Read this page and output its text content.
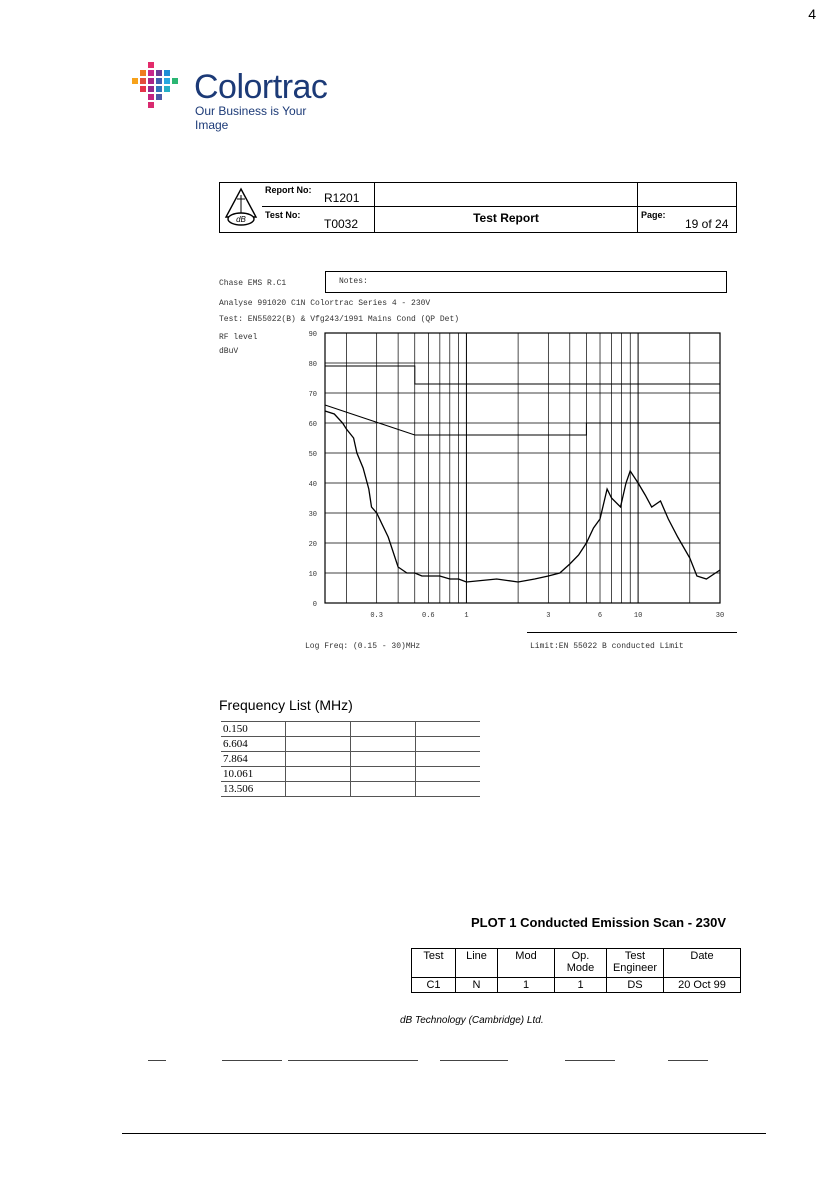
4
Colortrac
Our Business is Your Image
dB
Report No:
R1201
Test No:
T0032	Test Report	Page:
19 of 24
Chase EMS R.C1	Notes:
Analyse 991020 C1N Colortrac Series 4 - 230V
Test: EN55022(B) & Vfg243/1991 Mains Cond (QP Det)
RF level
dBuV
0
10
20
30
40
50
60
70
80
90
0.3	0.6	1	3	6	10	30
Log Freq: (0.15 - 30)MHz	Limit:EN 55022 B conducted Limit
Frequency List (MHz)
0.150			
6.604			
7.864			
10.061			
13.506			
PLOT 1 Conducted Emission Scan - 230V
Test	Line	Mod	Op. Mode	Test Engineer	Date
C1	N	1	1	DS	20 Oct 99
dB Technology (Cambridge) Ltd.
